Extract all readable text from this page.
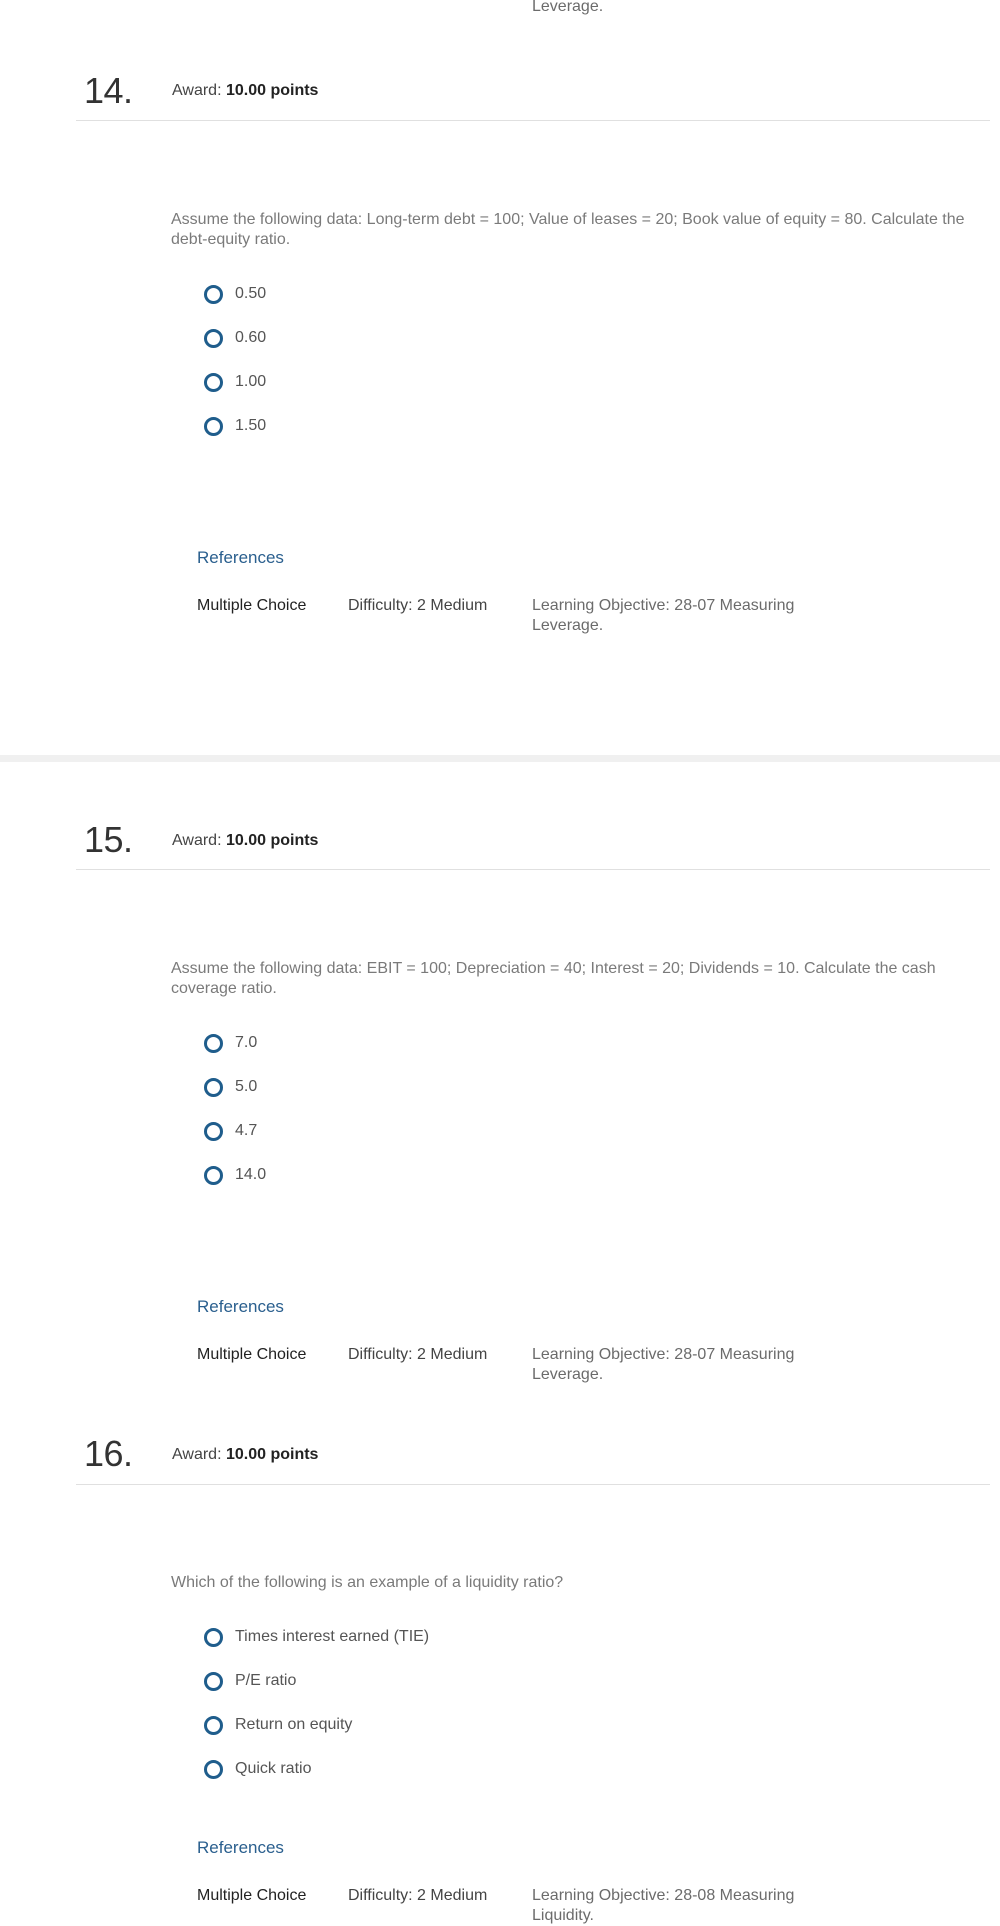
Leverage.
14. Award: 10.00 points
Assume the following data: Long-term debt = 100; Value of leases = 20; Book value of equity = 80. Calculate the debt-equity ratio.
0.50
0.60
1.00
1.50
References
Multiple Choice	Difficulty: 2 Medium	Learning Objective: 28-07 Measuring Leverage.
15. Award: 10.00 points
Assume the following data: EBIT = 100; Depreciation = 40; Interest = 20; Dividends = 10. Calculate the cash coverage ratio.
7.0
5.0
4.7
14.0
References
Multiple Choice	Difficulty: 2 Medium	Learning Objective: 28-07 Measuring Leverage.
16. Award: 10.00 points
Which of the following is an example of a liquidity ratio?
Times interest earned (TIE)
P/E ratio
Return on equity
Quick ratio
References
Multiple Choice	Difficulty: 2 Medium	Learning Objective: 28-08 Measuring Liquidity.
